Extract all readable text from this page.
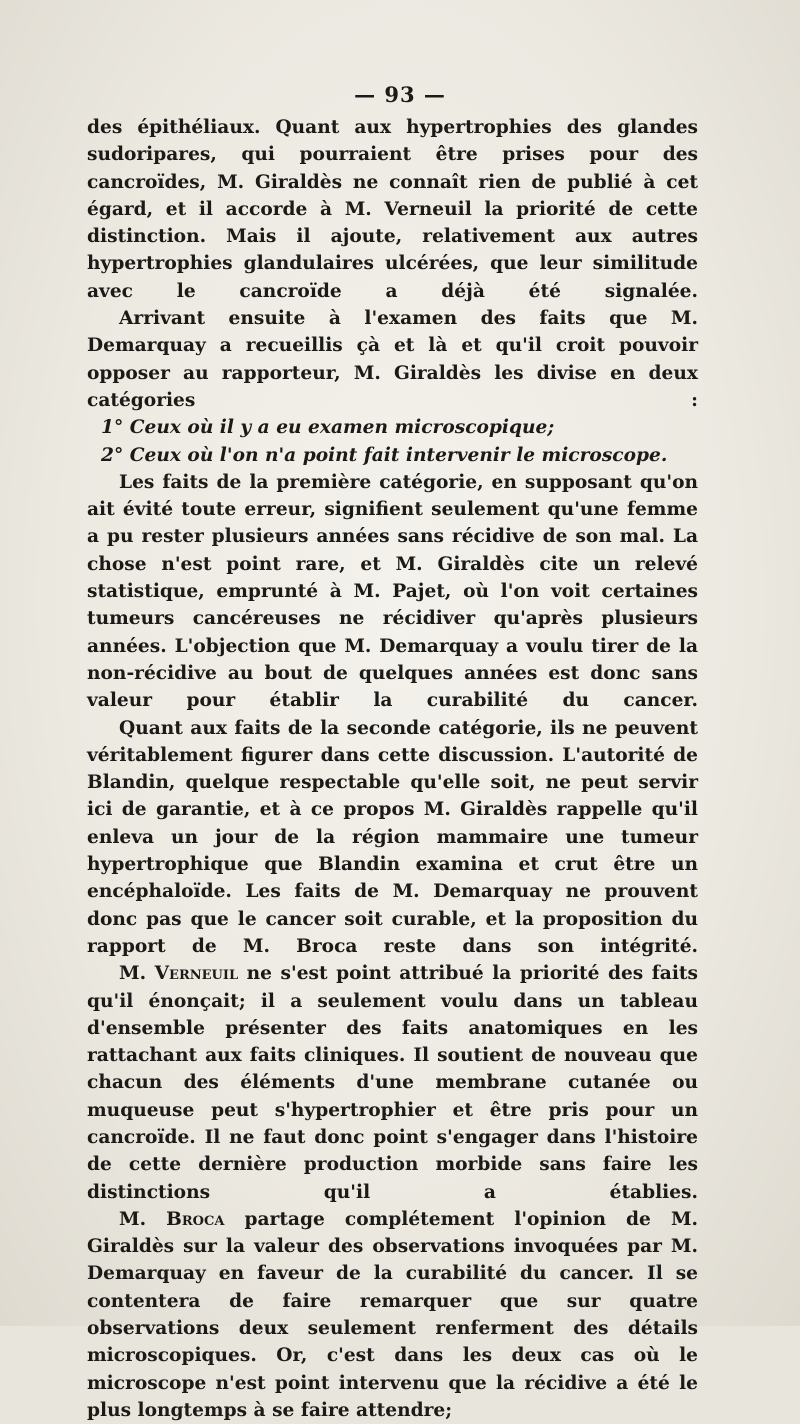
— 93 —

des épithéliaux. Quant aux hypertrophies des glandes sudoripares, qui pourraient être prises pour des cancroïdes, M. Giraldès ne connaît rien de publié à cet égard, et il accorde à M. Verneuil la priorité de cette distinction. Mais il ajoute, relativement aux autres hypertrophies glandulaires ulcérées, que leur similitude avec le cancroïde a déjà été signalée.

Arrivant ensuite à l'examen des faits que M. Demarquay a recueillis çà et là et qu'il croit pouvoir opposer au rapporteur, M. Giraldès les divise en deux catégories :

1° Ceux où il y a eu examen microscopique;

2° Ceux où l'on n'a point fait intervenir le microscope.

Les faits de la première catégorie, en supposant qu'on ait évité toute erreur, signifient seulement qu'une femme a pu rester plusieurs années sans récidive de son mal. La chose n'est point rare, et M. Giraldès cite un relevé statistique, emprunté à M. Pajet, où l'on voit certaines tumeurs cancéreuses ne récidiver qu'après plusieurs années. L'objection que M. Demarquay a voulu tirer de la non-récidive au bout de quelques années est donc sans valeur pour établir la curabilité du cancer.

Quant aux faits de la seconde catégorie, ils ne peuvent véritablement figurer dans cette discussion. L'autorité de Blandin, quelque respectable qu'elle soit, ne peut servir ici de garantie, et à ce propos M. Giraldès rappelle qu'il enleva un jour de la région mammaire une tumeur hypertrophique que Blandin examina et crut être un encéphaloïde. Les faits de M. Demarquay ne prouvent donc pas que le cancer soit curable, et la proposition du rapport de M. Broca reste dans son intégrité.

M. Verneuil ne s'est point attribué la priorité des faits qu'il énonçait; il a seulement voulu dans un tableau d'ensemble présenter des faits anatomiques en les rattachant aux faits cliniques. Il soutient de nouveau que chacun des éléments d'une membrane cutanée ou muqueuse peut s'hypertrophier et être pris pour un cancroïde. Il ne faut donc point s'engager dans l'histoire de cette dernière production morbide sans faire les distinctions qu'il a établies.

M. Broca partage complétement l'opinion de M. Giraldès sur la valeur des observations invoquées par M. Demarquay en faveur de la curabilité du cancer. Il se contentera de faire remarquer que sur quatre observations deux seulement renferment des détails microscopiques. Or, c'est dans les deux cas où le microscope n'est point intervenu que la récidive a été le plus longtemps à se faire attendre;
